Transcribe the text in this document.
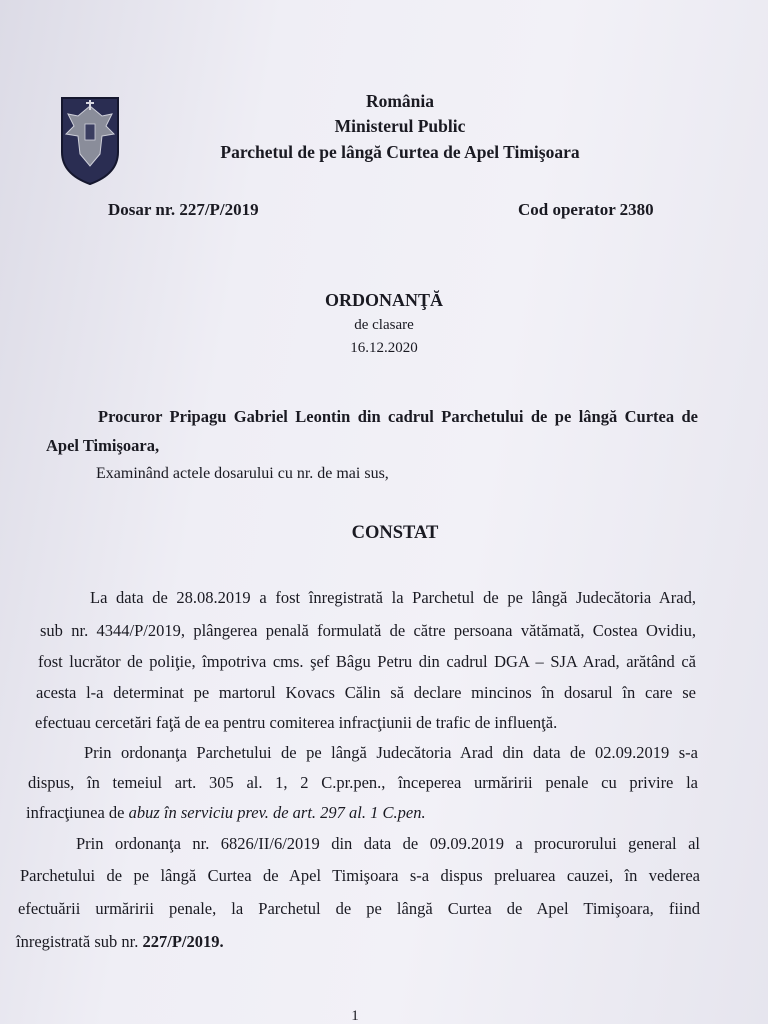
România
Ministerul Public
Parchetul de pe lângă Curtea de Apel Timişoara
Dosar nr. 227/P/2019	Cod operator 2380
ORDONANŢĂ
de clasare
16.12.2020
Procuror Pripagu Gabriel Leontin din cadrul Parchetului de pe lângă Curtea de
Apel Timişoara,
Examinând actele dosarului cu nr. de mai sus,
CONSTAT
La data de 28.08.2019 a fost înregistrată la Parchetul de pe lângă Judecătoria Arad,
sub nr. 4344/P/2019, plângerea penală formulată de către persoana vătămată, Costea Ovidiu,
fost lucrător de poliţie, împotriva cms. şef Bâgu Petru din cadrul DGA – SJA Arad, arătând că
acesta l-a determinat pe martorul Kovacs Călin să declare mincinos în dosarul în care se
efectuau cercetări faţă de ea pentru comiterea infracţiunii de trafic de influenţă.
Prin ordonanţa Parchetului de pe lângă Judecătoria Arad din data de 02.09.2019 s-a
dispus, în temeiul art. 305 al. 1, 2 C.pr.pen., începerea urmăririi penale cu privire la
infracţiunea de abuz în serviciu prev. de art. 297 al. 1 C.pen.
Prin ordonanţa nr. 6826/II/6/2019 din data de 09.09.2019 a procurorului general al
Parchetului de pe lângă Curtea de Apel Timişoara s-a dispus preluarea cauzei, în vederea
efectuării urmăririi penale, la Parchetul de pe lângă Curtea de Apel Timişoara, fiind
înregistrată sub nr. 227/P/2019.
1
